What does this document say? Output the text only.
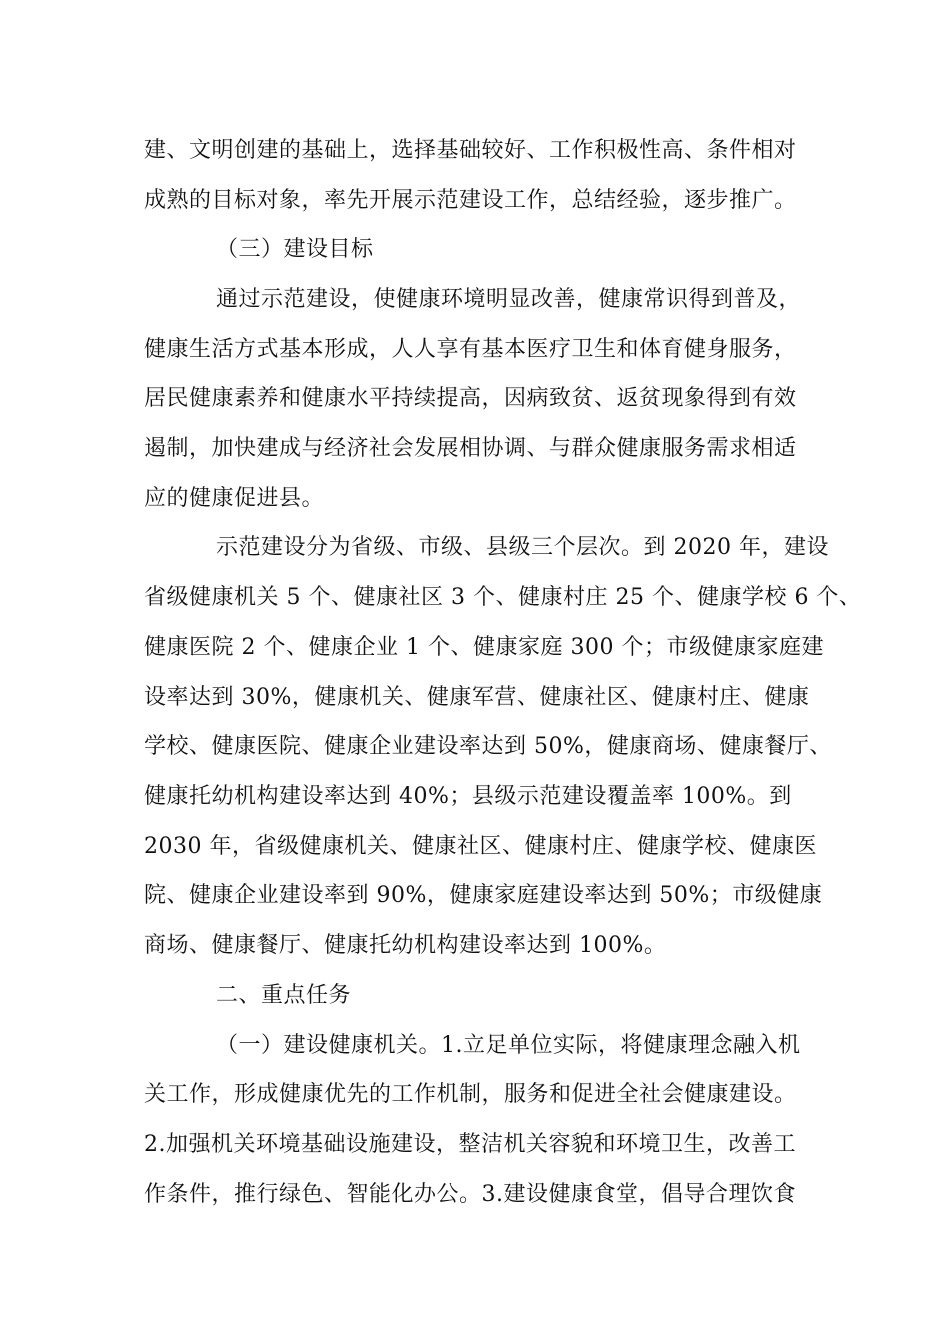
建、文明创建的基础上，选择基础较好、工作积极性高、条件相对
成熟的目标对象，率先开展示范建设工作，总结经验，逐步推广。
（三）建设目标
通过示范建设，使健康环境明显改善，健康常识得到普及，
健康生活方式基本形成，人人享有基本医疗卫生和体育健身服务，
居民健康素养和健康水平持续提高，因病致贫、返贫现象得到有效
遏制，加快建成与经济社会发展相协调、与群众健康服务需求相适
应的健康促进县。
示范建设分为省级、市级、县级三个层次。到 2020 年，建设
省级健康机关 5 个、健康社区 3 个、健康村庄 25 个、健康学校 6 个、
健康医院 2 个、健康企业 1 个、健康家庭 300 个；市级健康家庭建
设率达到 30%，健康机关、健康军营、健康社区、健康村庄、健康
学校、健康医院、健康企业建设率达到 50%，健康商场、健康餐厅、
健康托幼机构建设率达到 40%；县级示范建设覆盖率 100%。到
2030 年，省级健康机关、健康社区、健康村庄、健康学校、健康医
院、健康企业建设率到 90%，健康家庭建设率达到 50%；市级健康
商场、健康餐厅、健康托幼机构建设率达到 100%。
二、重点任务
（一）建设健康机关。1.立足单位实际，将健康理念融入机
关工作，形成健康优先的工作机制，服务和促进全社会健康建设。
2.加强机关环境基础设施建设，整洁机关容貌和环境卫生，改善工
作条件，推行绿色、智能化办公。3.建设健康食堂，倡导合理饮食
